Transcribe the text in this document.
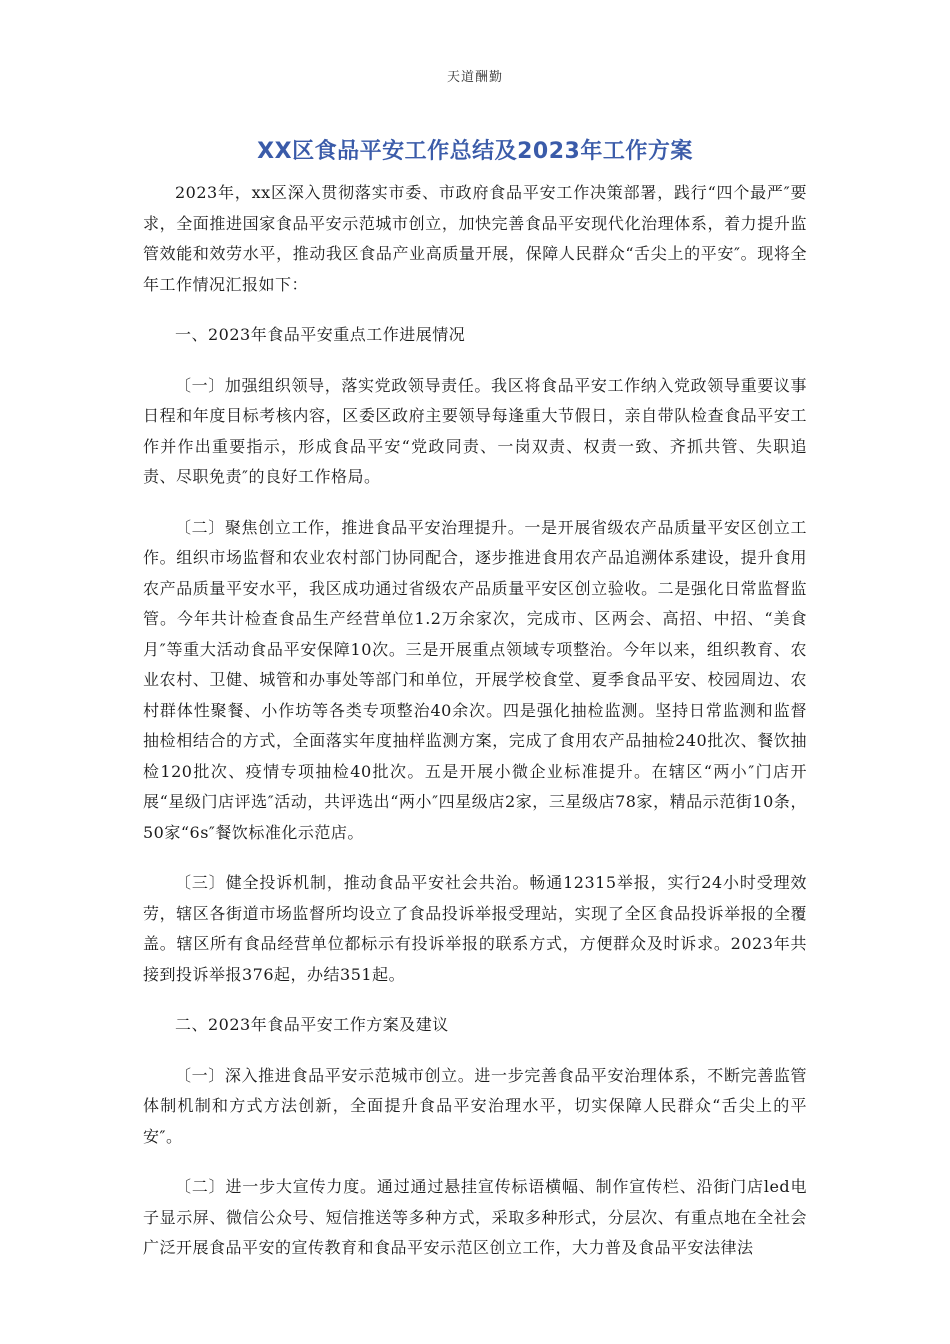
天道酬勤
XX区食品平安工作总结及2023年工作方案

2023年，xx区深入贯彻落实市委、市政府食品平安工作决策部署，践行“四个最严″要求，全面推进国家食品平安示范城市创立，加快完善食品平安现代化治理体系，着力提升监管效能和效劳水平，推动我区食品产业高质量开展，保障人民群众“舌尖上的平安″。现将全年工作情况汇报如下：

一、2023年食品平安重点工作进展情况

〔一〕加强组织领导，落实党政领导责任。我区将食品平安工作纳入党政领导重要议事日程和年度目标考核内容，区委区政府主要领导每逢重大节假日，亲自带队检查食品平安工作并作出重要指示，形成食品平安“党政同责、一岗双责、权责一致、齐抓共管、失职追责、尽职免责″的良好工作格局。

〔二〕聚焦创立工作，推进食品平安治理提升。一是开展省级农产品质量平安区创立工作。组织市场监督和农业农村部门协同配合，逐步推进食用农产品追溯体系建设，提升食用农产品质量平安水平，我区成功通过省级农产品质量平安区创立验收。二是强化日常监督监管。今年共计检查食品生产经营单位1.2万余家次，完成市、区两会、高招、中招、“美食月″等重大活动食品平安保障10次。三是开展重点领域专项整治。今年以来，组织教育、农业农村、卫健、城管和办事处等部门和单位，开展学校食堂、夏季食品平安、校园周边、农村群体性聚餐、小作坊等各类专项整治40余次。四是强化抽检监测。坚持日常监测和监督抽检相结合的方式，全面落实年度抽样监测方案，完成了食用农产品抽检240批次、餐饮抽检120批次、疫情专项抽检40批次。五是开展小微企业标准提升。在辖区“两小″门店开展“星级门店评选″活动，共评选出“两小″四星级店2家，三星级店78家，精品示范街10条，50家“6s″餐饮标准化示范店。

〔三〕健全投诉机制，推动食品平安社会共治。畅通12315举报，实行24小时受理效劳，辖区各街道市场监督所均设立了食品投诉举报受理站，实现了全区食品投诉举报的全覆盖。辖区所有食品经营单位都标示有投诉举报的联系方式，方便群众及时诉求。2023年共接到投诉举报376起，办结351起。

二、2023年食品平安工作方案及建议

〔一〕深入推进食品平安示范城市创立。进一步完善食品平安治理体系，不断完善监管体制机制和方式方法创新，全面提升食品平安治理水平，切实保障人民群众“舌尖上的平安″。

〔二〕进一步大宣传力度。通过通过悬挂宣传标语横幅、制作宣传栏、沿街门店led电子显示屏、微信公众号、短信推送等多种方式，采取多种形式，分层次、有重点地在全社会广泛开展食品平安的宣传教育和食品平安示范区创立工作，大力普及食品平安法律法
